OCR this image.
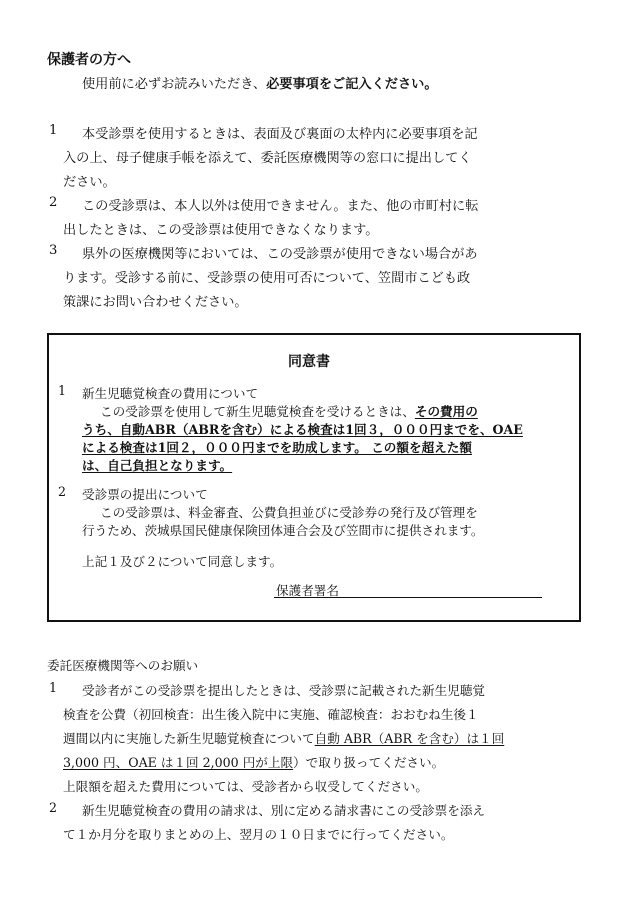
保護者の方へ
使用前に必ずお読みいただき、必要事項をご記入ください。
1 本受診票を使用するときは、表面及び裏面の太枠内に必要事項を記
入の上、母子健康手帳を添えて、委託医療機関等の窓口に提出してく
ださい。
2 この受診票は、本人以外は使用できません。また、他の市町村に転
出したときは、この受診票は使用できなくなります。
3 県外の医療機関等においては、この受診票が使用できない場合があ
ります。受診する前に、受診票の使用可否について、笠間市こども政
策課にお問い合わせください。
同意書
1 新生児聴覚検査の費用について
この受診票を使用して新生児聴覚検査を受けるときは、その費用の
うち、自動ABR（ABRを含む）による検査は1回３，０００円までを、OAE
による検査は1回２，０００円までを助成します。 この額を超えた額
は、自己負担となります。
2 受診票の提出について
この受診票は、料金審査、公費負担並びに受診券の発行及び管理を
行うため、茨城県国民健康保険団体連合会及び笠間市に提供されます。
上記１及び２について同意します。
保護者署名
委託医療機関等へのお願い
1 受診者がこの受診票を提出したときは、受診票に記載された新生児聴覚
検査を公費（初回検査：出生後入院中に実施、確認検査：おおむね生後１
週間以内に実施した新生児聴覚検査について自動 ABR（ABR を含む）は１回
3,000 円、OAE は１回 2,000 円が上限）で取り扱ってください。
上限額を超えた費用については、受診者から収受してください。
2 新生児聴覚検査の費用の請求は、別に定める請求書にこの受診票を添え
て１か月分を取りまとめの上、翌月の１０日までに行ってください。
